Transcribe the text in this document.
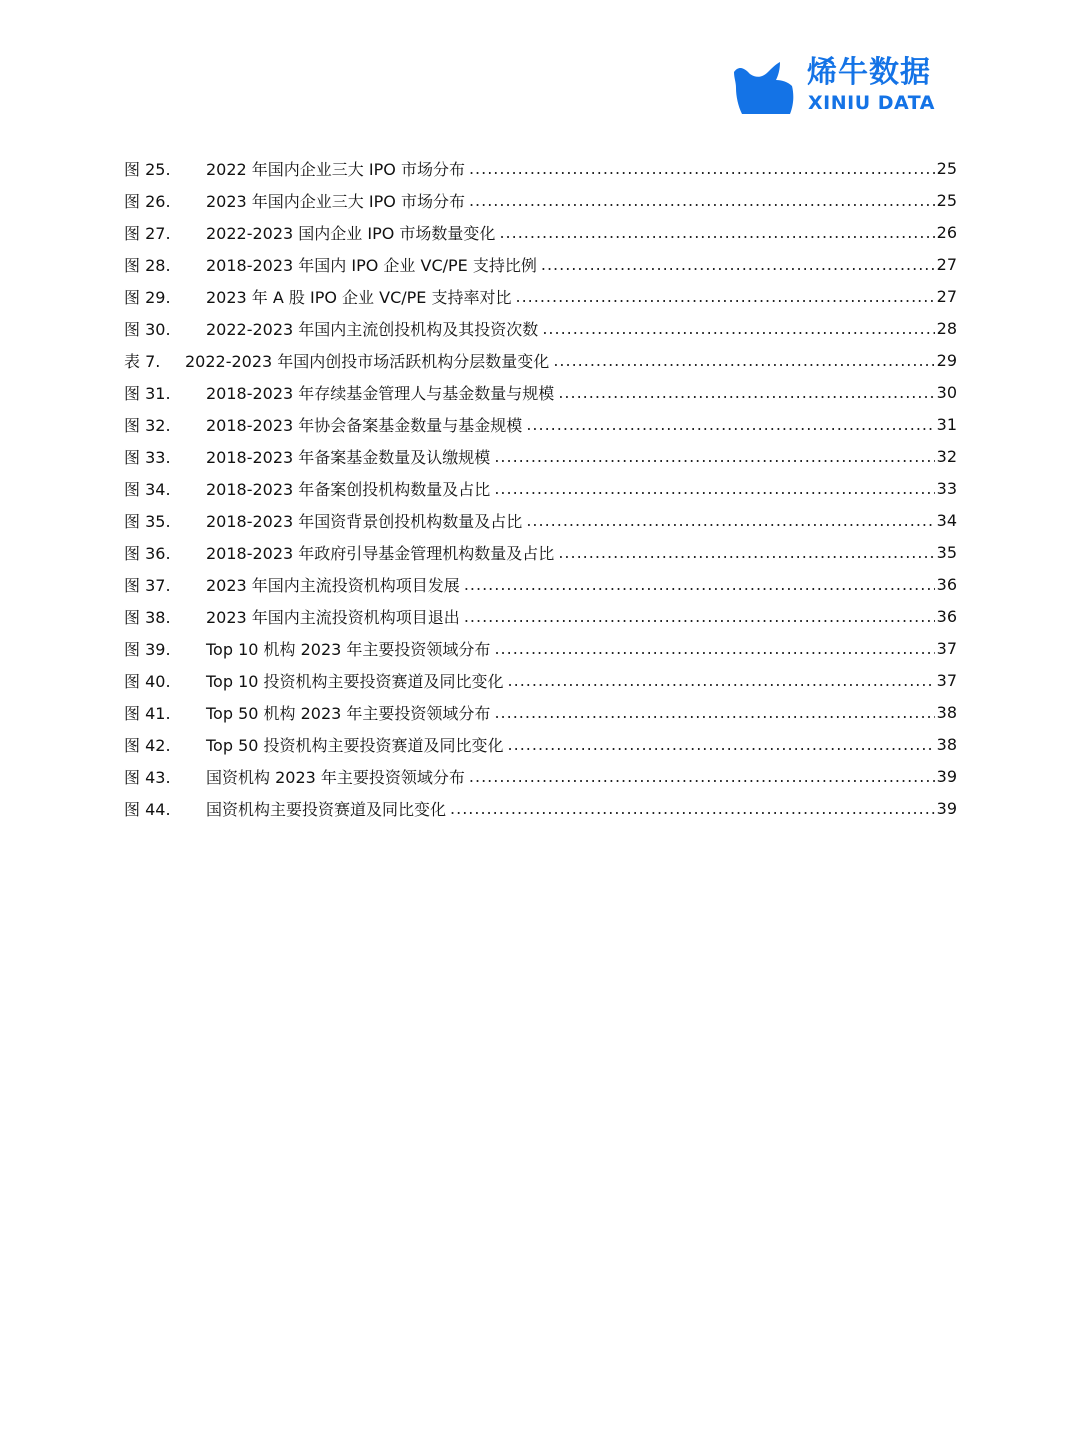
烯牛数据
XINIU DATA
图 25.	2022 年国内企业三大 IPO 市场分布 .....	25
图 26.	2023 年国内企业三大 IPO 市场分布 .....	25
图 27.	2022-2023 国内企业 IPO 市场数量变化 .....	26
图 28.	2018-2023 年国内 IPO 企业 VC/PE 支持比例 .....	27
图 29.	2023 年 A 股 IPO 企业 VC/PE 支持率对比 .....	27
图 30.	2022-2023 年国内主流创投机构及其投资次数 .....	28
表 7.	2022-2023 年国内创投市场活跃机构分层数量变化 .....	29
图 31.	2018-2023 年存续基金管理人与基金数量与规模 .....	30
图 32.	2018-2023 年协会备案基金数量与基金规模 .....	31
图 33.	2018-2023 年备案基金数量及认缴规模 .....	32
图 34.	2018-2023 年备案创投机构数量及占比 .....	33
图 35.	2018-2023 年国资背景创投机构数量及占比 .....	34
图 36.	2018-2023 年政府引导基金管理机构数量及占比 .....	35
图 37.	2023 年国内主流投资机构项目发展 .....	36
图 38.	2023 年国内主流投资机构项目退出 .....	36
图 39.	Top 10 机构 2023 年主要投资领域分布 .....	37
图 40.	Top 10 投资机构主要投资赛道及同比变化 .....	37
图 41.	Top 50 机构 2023 年主要投资领域分布 .....	38
图 42.	Top 50 投资机构主要投资赛道及同比变化 .....	38
图 43.	国资机构 2023 年主要投资领域分布 .....	39
图 44.	国资机构主要投资赛道及同比变化 .....	39
